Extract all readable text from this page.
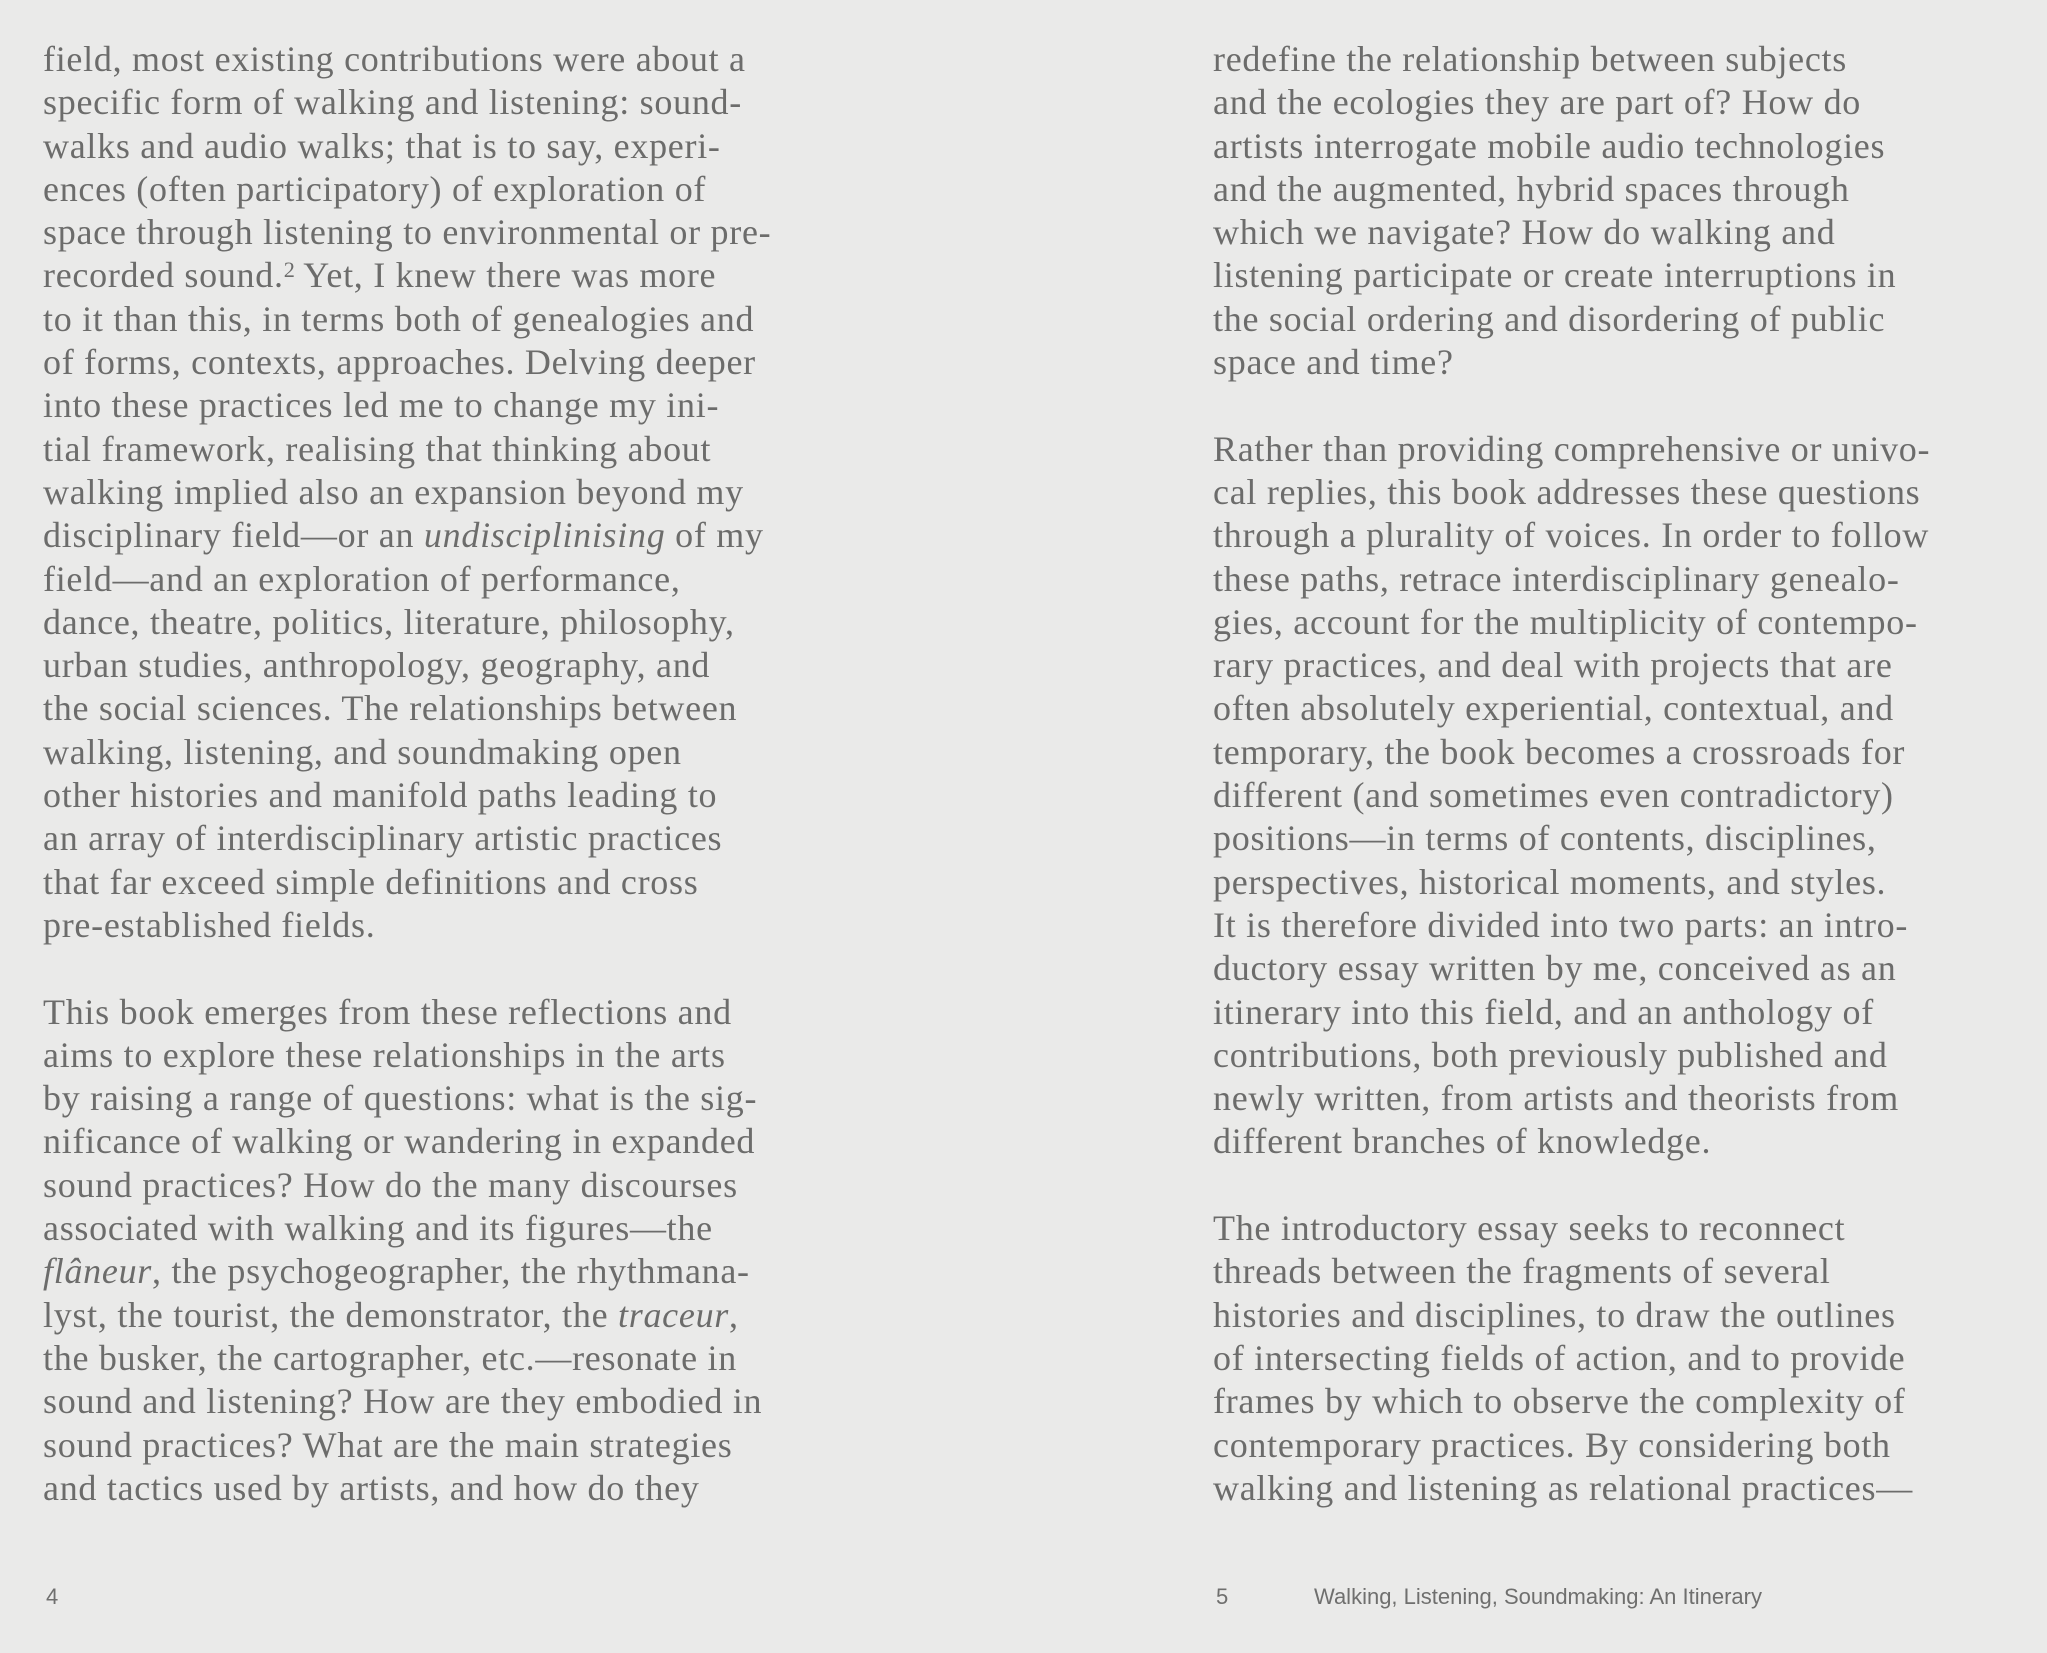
field, most existing contributions were about a
specific form of walking and listening: sound-
walks and audio walks; that is to say, experi-
ences (often participatory) of exploration of
space through listening to environmental or pre-
recorded sound.$^2$ Yet, I knew there was more
to it than this, in terms both of genealogies and
of forms, contexts, approaches. Delving deeper
into these practices led me to change my ini-
tial framework, realising that thinking about
walking implied also an expansion beyond my
disciplinary field—or an undisciplinising of my
field—and an exploration of performance,
dance, theatre, politics, literature, philosophy,
urban studies, anthropology, geography, and
the social sciences. The relationships between
walking, listening, and soundmaking open
other histories and manifold paths leading to
an array of interdisciplinary artistic practices
that far exceed simple definitions and cross
pre-established fields.
This book emerges from these reflections and
aims to explore these relationships in the arts
by raising a range of questions: what is the sig-
nificance of walking or wandering in expanded
sound practices? How do the many discourses
associated with walking and its figures—the
flâneur, the psychogeographer, the rhythmana-
lyst, the tourist, the demonstrator, the traceur,
the busker, the cartographer, etc.—resonate in
sound and listening? How are they embodied in
sound practices? What are the main strategies
and tactics used by artists, and how do they
4
redefine the relationship between subjects
and the ecologies they are part of? How do
artists interrogate mobile audio technologies
and the augmented, hybrid spaces through
which we navigate? How do walking and
listening participate or create interruptions in
the social ordering and disordering of public
space and time?
Rather than providing comprehensive or univo-
cal replies, this book addresses these questions
through a plurality of voices. In order to follow
these paths, retrace interdisciplinary genealo-
gies, account for the multiplicity of contempo-
rary practices, and deal with projects that are
often absolutely experiential, contextual, and
temporary, the book becomes a crossroads for
different (and sometimes even contradictory)
positions—in terms of contents, disciplines,
perspectives, historical moments, and styles.
It is therefore divided into two parts: an intro-
ductory essay written by me, conceived as an
itinerary into this field, and an anthology of
contributions, both previously published and
newly written, from artists and theorists from
different branches of knowledge.
The introductory essay seeks to reconnect
threads between the fragments of several
histories and disciplines, to draw the outlines
of intersecting fields of action, and to provide
frames by which to observe the complexity of
contemporary practices. By considering both
walking and listening as relational practices—
5	Walking, Listening, Soundmaking: An Itinerary
